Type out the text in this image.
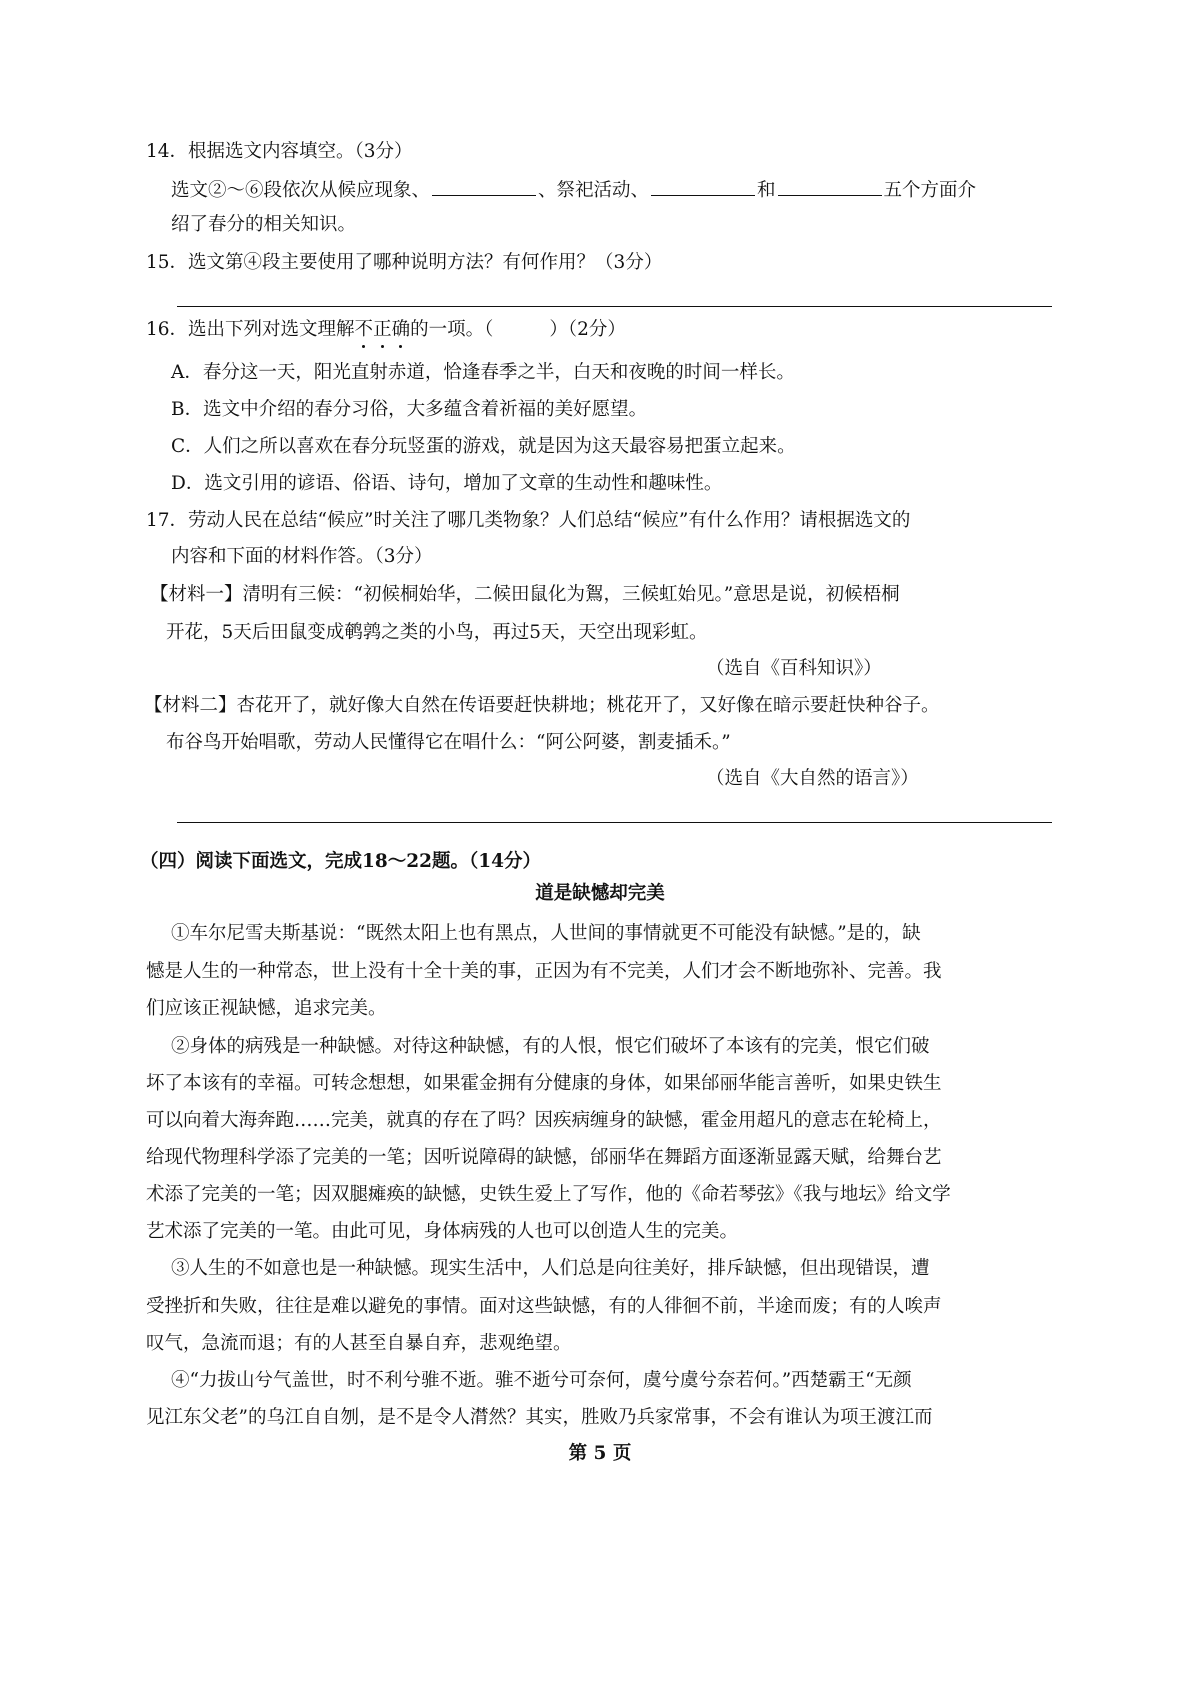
14．根据选文内容填空。（3分）
选文②～⑥段依次从候应现象、	、祭祀活动、	和	五个方面介
绍了春分的相关知识。
15．选文第④段主要使用了哪种说明方法？有何作用？（3分）
16．选出下列对选文理解不正确的一项。（	）（2分）
A．春分这一天，阳光直射赤道，恰逢春季之半，白天和夜晚的时间一样长。
B．选文中介绍的春分习俗，大多蕴含着祈福的美好愿望。
C．人们之所以喜欢在春分玩竖蛋的游戏，就是因为这天最容易把蛋立起来。
D．选文引用的谚语、俗语、诗句，增加了文章的生动性和趣味性。
17．劳动人民在总结“候应”时关注了哪几类物象？人们总结“候应”有什么作用？请根据选文的
内容和下面的材料作答。（3分）
【材料一】清明有三候：“初候桐始华，二候田鼠化为鴽，三候虹始见。”意思是说，初候梧桐
开花，5天后田鼠变成鹌鹑之类的小鸟，再过5天，天空出现彩虹。
（选自《百科知识》）
【材料二】杏花开了，就好像大自然在传语要赶快耕地；桃花开了，又好像在暗示要赶快种谷子。
布谷鸟开始唱歌，劳动人民懂得它在唱什么：“阿公阿婆，割麦插禾。”
（选自《大自然的语言》）
（四）阅读下面选文，完成18～22题。（14分）
道是缺憾却完美
①车尔尼雪夫斯基说：“既然太阳上也有黑点，人世间的事情就更不可能没有缺憾。”是的，缺
憾是人生的一种常态，世上没有十全十美的事，正因为有不完美，人们才会不断地弥补、完善。我
们应该正视缺憾，追求完美。
②身体的病残是一种缺憾。对待这种缺憾，有的人恨，恨它们破坏了本该有的完美，恨它们破
坏了本该有的幸福。可转念想想，如果霍金拥有分健康的身体，如果邰丽华能言善听，如果史铁生
可以向着大海奔跑……完美，就真的存在了吗？因疾病缠身的缺憾，霍金用超凡的意志在轮椅上，
给现代物理科学添了完美的一笔；因听说障碍的缺憾，邰丽华在舞蹈方面逐渐显露天赋，给舞台艺
术添了完美的一笔；因双腿瘫痪的缺憾，史铁生爱上了写作，他的《命若琴弦》《我与地坛》给文学
艺术添了完美的一笔。由此可见，身体病残的人也可以创造人生的完美。
③人生的不如意也是一种缺憾。现实生活中，人们总是向往美好，排斥缺憾，但出现错误，遭
受挫折和失败，往往是难以避免的事情。面对这些缺憾，有的人徘徊不前，半途而废；有的人唉声
叹气，急流而退；有的人甚至自暴自弃，悲观绝望。
④“力拔山兮气盖世，时不利兮骓不逝。骓不逝兮可奈何，虞兮虞兮奈若何。”西楚霸王“无颜
见江东父老”的乌江自自刎，是不是令人潸然？其实，胜败乃兵家常事，不会有谁认为项王渡江而
第 5 页
